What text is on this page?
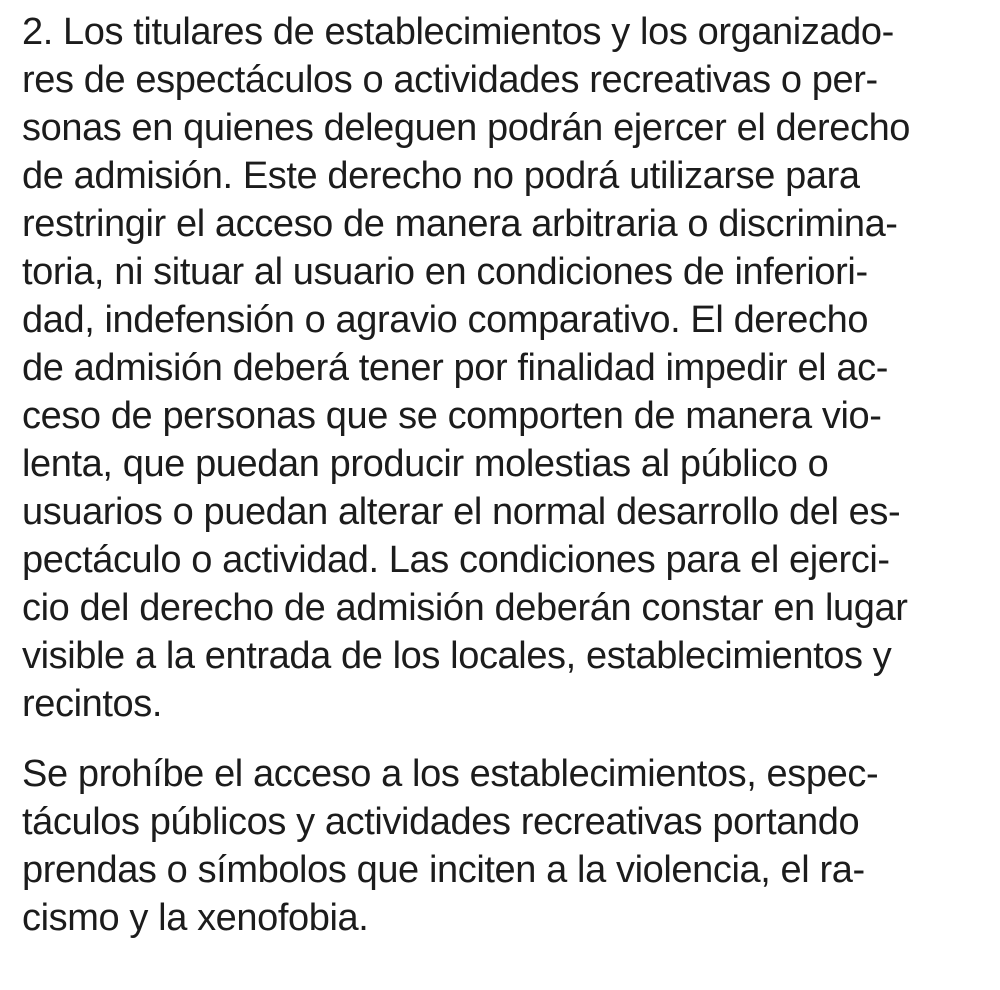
2. Los titulares de establecimientos y los organizado-
res de espectáculos o actividades recreativas o per-
sonas en quienes deleguen podrán ejercer el derecho
de admisión. Este derecho no podrá utilizarse para
restringir el acceso de manera arbitraria o discrimina-
toria, ni situar al usuario en condiciones de inferiori-
dad, indefensión o agravio comparativo. El derecho
de admisión deberá tener por finalidad impedir el ac-
ceso de personas que se comporten de manera vio-
lenta, que puedan producir molestias al público o
usuarios o puedan alterar el normal desarrollo del es-
pectáculo o actividad. Las condiciones para el ejerci-
cio del derecho de admisión deberán constar en lugar
visible a la entrada de los locales, establecimientos y
recintos.

Se prohíbe el acceso a los establecimientos, espec-
táculos públicos y actividades recreativas portando
prendas o símbolos que inciten a la violencia, el ra-
cismo y la xenofobia.
